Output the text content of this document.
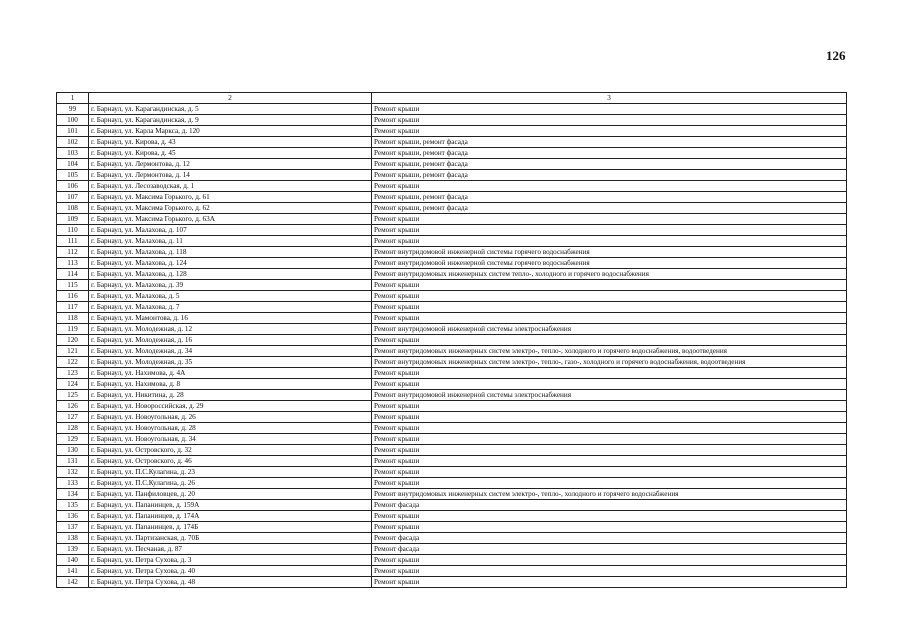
126

1	2	3
99	г. Барнаул, ул. Карагандинская, д. 5	Ремонт крыши
100	г. Барнаул, ул. Карагандинская, д. 9	Ремонт крыши
101	г. Барнаул, ул. Карла Маркса, д. 120	Ремонт крыши
102	г. Барнаул, ул. Кирова, д. 43	Ремонт крыши, ремонт фасада
103	г. Барнаул, ул. Кирова, д. 45	Ремонт крыши, ремонт фасада
104	г. Барнаул, ул. Лермонтова, д. 12	Ремонт крыши, ремонт фасада
105	г. Барнаул, ул. Лермонтова, д. 14	Ремонт крыши, ремонт фасада
106	г. Барнаул, ул. Лесозаводская, д. 1	Ремонт крыши
107	г. Барнаул, ул. Максима Горького, д. 61	Ремонт крыши, ремонт фасада
108	г. Барнаул, ул. Максима Горького, д. 62	Ремонт крыши, ремонт фасада
109	г. Барнаул, ул. Максима Горького, д. 63А	Ремонт крыши
110	г. Барнаул, ул. Малахова, д. 107	Ремонт крыши
111	г. Барнаул, ул. Малахова, д. 11	Ремонт крыши
112	г. Барнаул, ул. Малахова, д. 118	Ремонт внутридомовой инженерной системы горячего водоснабжения
113	г. Барнаул, ул. Малахова, д. 124	Ремонт внутридомовой инженерной системы горячего водоснабжения
114	г. Барнаул, ул. Малахова, д. 128	Ремонт внутридомовых инженерных систем тепло-, холодного и горячего водоснабжения
115	г. Барнаул, ул. Малахова, д. 39	Ремонт крыши
116	г. Барнаул, ул. Малахова, д. 5	Ремонт крыши
117	г. Барнаул, ул. Малахова, д. 7	Ремонт крыши
118	г. Барнаул, ул. Мамонтова, д. 16	Ремонт крыши
119	г. Барнаул, ул. Молодежная, д. 12	Ремонт внутридомовой инженерной системы электроснабжения
120	г. Барнаул, ул. Молодежная, д. 16	Ремонт крыши
121	г. Барнаул, ул. Молодежная, д. 34	Ремонт внутридомовых инженерных систем электро-, тепло-, холодного и горячего водоснабжения, водоотведения
122	г. Барнаул, ул. Молодежная, д. 35	Ремонт внутридомовых инженерных систем электро-, тепло-, газо-, холодного и горячего водоснабжения, водоотведения
123	г. Барнаул, ул. Нахимова, д. 4А	Ремонт крыши
124	г. Барнаул, ул. Нахимова, д. 8	Ремонт крыши
125	г. Барнаул, ул. Никитина, д. 28	Ремонт внутридомовой инженерной системы электроснабжения
126	г. Барнаул, ул. Новороссийская, д. 29	Ремонт крыши
127	г. Барнаул, ул. Новоугольная, д. 26	Ремонт крыши
128	г. Барнаул, ул. Новоугольная, д. 28	Ремонт крыши
129	г. Барнаул, ул. Новоугольная, д. 34	Ремонт крыши
130	г. Барнаул, ул. Островского, д. 32	Ремонт крыши
131	г. Барнаул, ул. Островского, д. 46	Ремонт крыши
132	г. Барнаул, ул. П.С.Кулагина, д. 23	Ремонт крыши
133	г. Барнаул, ул. П.С.Кулагина, д. 26	Ремонт крыши
134	г. Барнаул, ул. Панфиловцев, д. 20	Ремонт внутридомовых инженерных систем электро-, тепло-, холодного и горячего водоснабжения
135	г. Барнаул, ул. Папанинцев, д. 159А	Ремонт фасада
136	г. Барнаул, ул. Папанинцев, д. 174А	Ремонт крыши
137	г. Барнаул, ул. Папанинцев, д. 174Б	Ремонт крыши
138	г. Барнаул, ул. Партизанская, д. 70Б	Ремонт фасада
139	г. Барнаул, ул. Песчаная, д. 87	Ремонт фасада
140	г. Барнаул, ул. Петра Сухова, д. 3	Ремонт крыши
141	г. Барнаул, ул. Петра Сухова, д. 40	Ремонт крыши
142	г. Барнаул, ул. Петра Сухова, д. 48	Ремонт крыши
